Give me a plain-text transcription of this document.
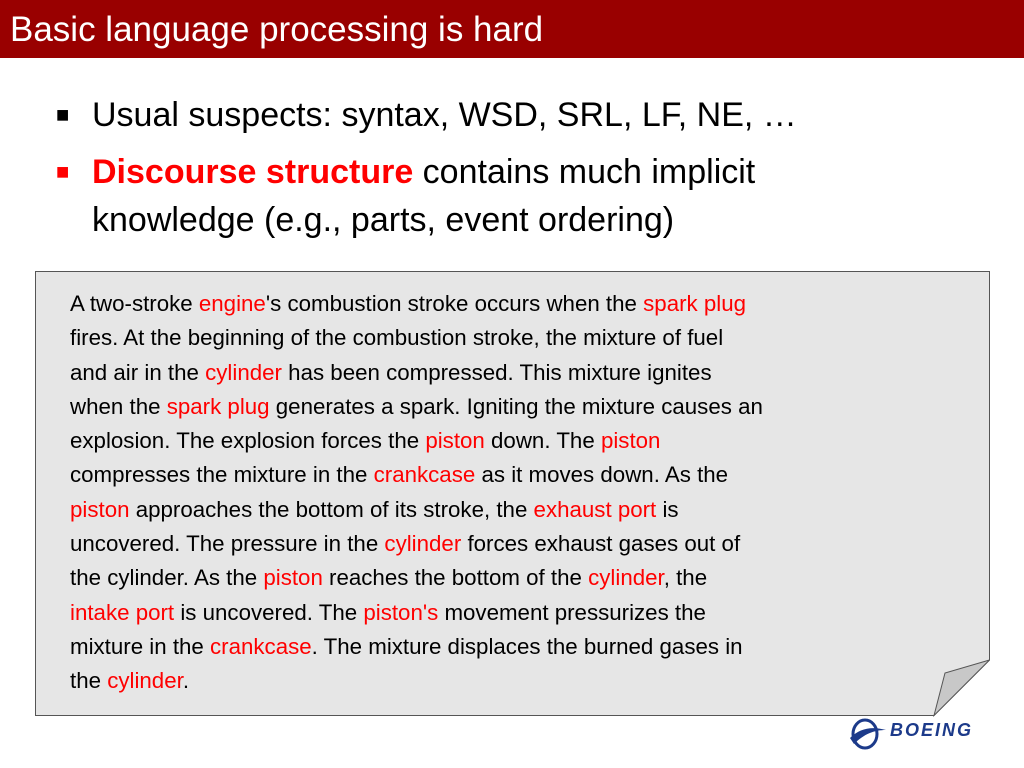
Basic language processing is hard
■ Usual suspects: syntax, WSD, SRL, LF, NE, …
■ Discourse structure contains much implicit
knowledge (e.g., parts, event ordering)
A two-stroke engine's combustion stroke occurs when the spark plug
fires. At the beginning of the combustion stroke, the mixture of fuel
and air in the cylinder has been compressed. This mixture ignites
when the spark plug generates a spark. Igniting the mixture causes an
explosion. The explosion forces the piston down. The piston
compresses the mixture in the crankcase as it moves down. As the
piston approaches the bottom of its stroke, the exhaust port is
uncovered. The pressure in the cylinder forces exhaust gases out of
the cylinder. As the piston reaches the bottom of the cylinder, the
intake port is uncovered. The piston's movement pressurizes the
mixture in the crankcase. The mixture displaces the burned gases in
the cylinder.
BOEING
